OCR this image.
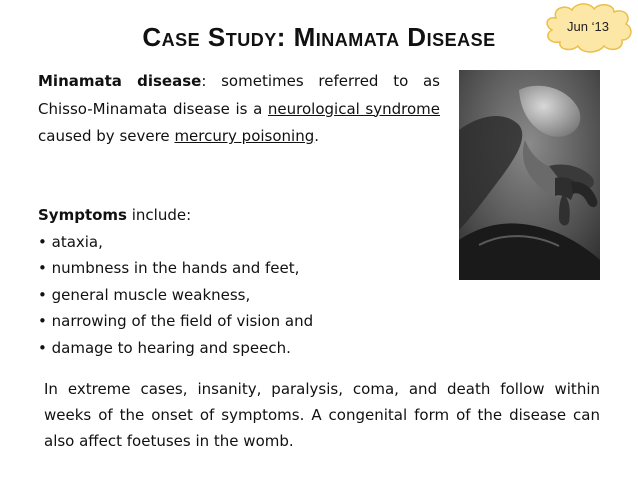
Case Study: Minamata Disease	Jun ‘13
Minamata disease: sometimes referred to as Chisso-Minamata disease is a neurological syndrome caused by severe mercury poisoning.
Symptoms include:
• ataxia,
• numbness in the hands and feet,
• general muscle weakness,
• narrowing of the field of vision and
• damage to hearing and speech.
In extreme cases, insanity, paralysis, coma, and death follow within weeks of the onset of symptoms. A congenital form of the disease can also affect foetuses in the womb.
